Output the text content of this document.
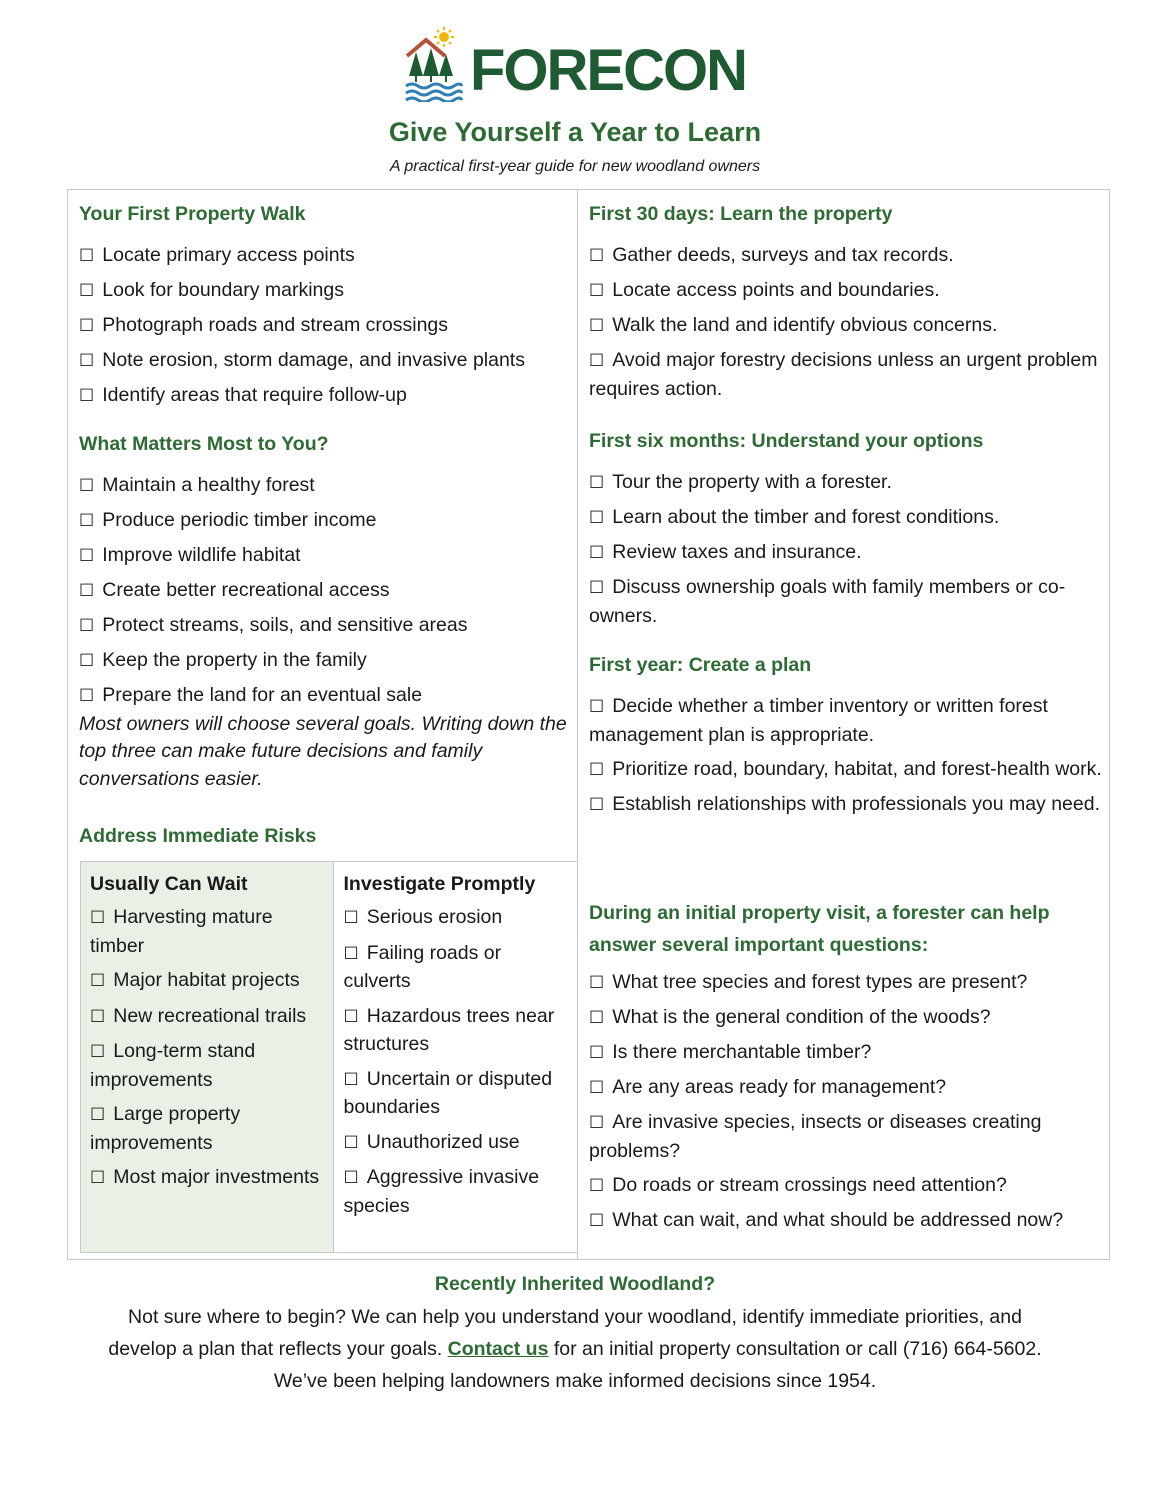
FORECON
Give Yourself a Year to Learn
A practical first-year guide for new woodland owners
Your First Property Walk
☐ Locate primary access points
☐ Look for boundary markings
☐ Photograph roads and stream crossings
☐ Note erosion, storm damage, and invasive plants
☐ Identify areas that require follow-up
What Matters Most to You?
☐ Maintain a healthy forest
☐ Produce periodic timber income
☐ Improve wildlife habitat
☐ Create better recreational access
☐ Protect streams, soils, and sensitive areas
☐ Keep the property in the family
☐ Prepare the land for an eventual sale
Most owners will choose several goals. Writing down the top three can make future decisions and family conversations easier.
Address Immediate Risks
Usually Can Wait
☐ Harvesting mature timber
☐ Major habitat projects
☐ New recreational trails
☐ Long-term stand improvements
☐ Large property improvements
☐ Most major investments
Investigate Promptly
☐ Serious erosion
☐ Failing roads or culverts
☐ Hazardous trees near structures
☐ Uncertain or disputed boundaries
☐ Unauthorized use
☐ Aggressive invasive species
First 30 days: Learn the property
☐ Gather deeds, surveys and tax records.
☐ Locate access points and boundaries.
☐ Walk the land and identify obvious concerns.
☐ Avoid major forestry decisions unless an urgent problem requires action.
First six months: Understand your options
☐ Tour the property with a forester.
☐ Learn about the timber and forest conditions.
☐ Review taxes and insurance.
☐ Discuss ownership goals with family members or co-owners.
First year: Create a plan
☐ Decide whether a timber inventory or written forest management plan is appropriate.
☐ Prioritize road, boundary, habitat, and forest-health work.
☐ Establish relationships with professionals you may need.
During an initial property visit, a forester can help answer several important questions:
☐ What tree species and forest types are present?
☐ What is the general condition of the woods?
☐ Is there merchantable timber?
☐ Are any areas ready for management?
☐ Are invasive species, insects or diseases creating problems?
☐ Do roads or stream crossings need attention?
☐ What can wait, and what should be addressed now?
Recently Inherited Woodland?
Not sure where to begin? We can help you understand your woodland, identify immediate priorities, and
develop a plan that reflects your goals. Contact us for an initial property consultation or call (716) 664-5602.
We’ve been helping landowners make informed decisions since 1954.
